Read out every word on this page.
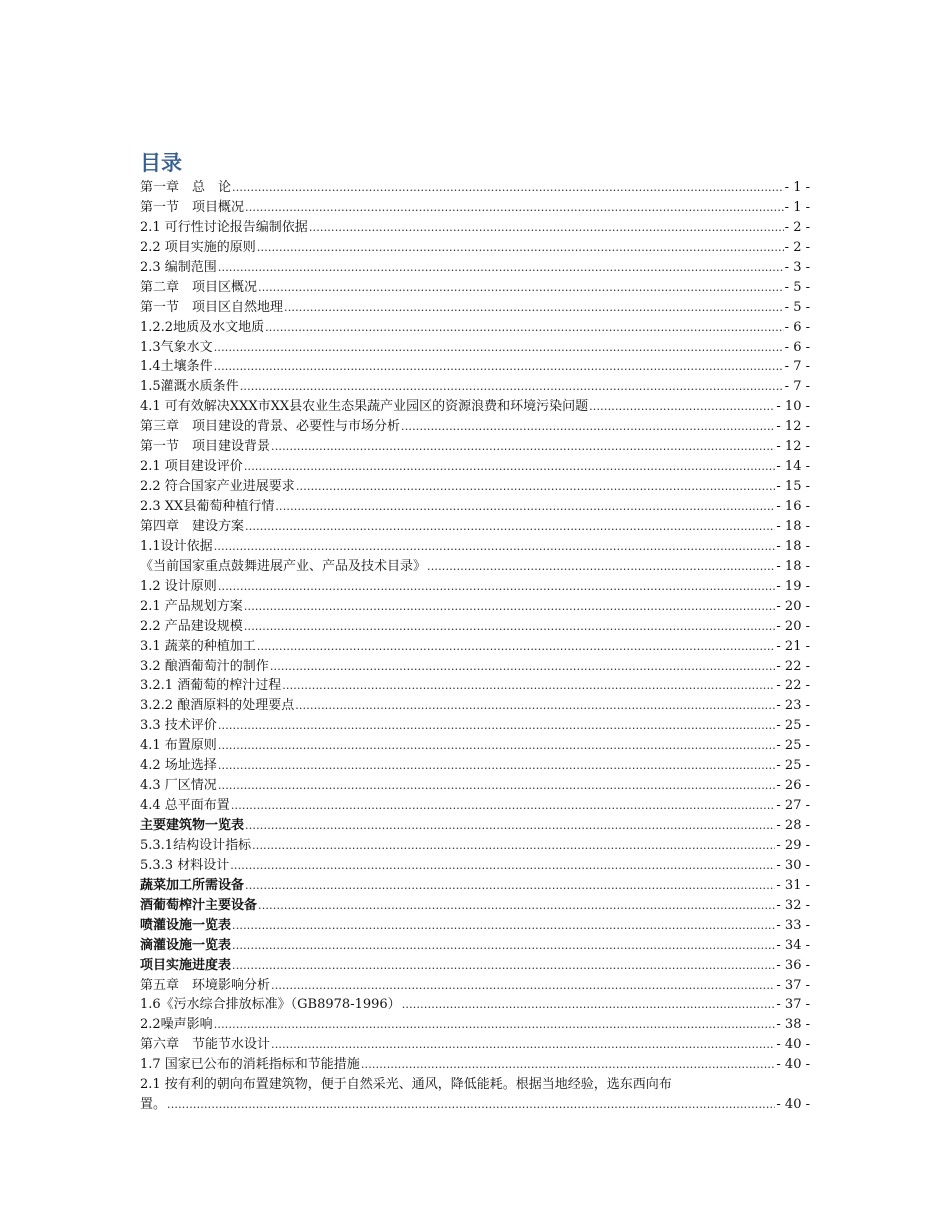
目录
第一章　总　论 .....	- 1 -
第一节　项目概况 .....	- 1 -
2.1 可行性讨论报告编制依据 .....	- 2 -
2.2 项目实施的原则 .....	- 2 -
2.3 编制范围 .....	- 3 -
第二章　项目区概况 .....	- 5 -
第一节　项目区自然地理 .....	- 5 -
1.2.2地质及水文地质 .....	- 6 -
1.3气象水文 .....	- 6 -
1.4土壤条件 .....	- 7 -
1.5灌溉水质条件 .....	- 7 -
4.1 可有效解决XXX市XX县农业生态果蔬产业园区的资源浪费和环境污染问题 .....	- 10 -
第三章　项目建设的背景、必要性与市场分析 .....	- 12 -
第一节　项目建设背景 .....	- 12 -
2.1 项目建设评价 .....	- 14 -
2.2 符合国家产业进展要求 .....	- 15 -
2.3 XX县葡萄种植行情 .....	- 16 -
第四章　建设方案 .....	- 18 -
1.1设计依据 .....	- 18 -
《当前国家重点鼓舞进展产业、产品及技术目录》 .....	- 18 -
1.2 设计原则 .....	- 19 -
2.1 产品规划方案 .....	- 20 -
2.2 产品建设规模 .....	- 20 -
3.1 蔬菜的种植加工 .....	- 21 -
3.2 酿酒葡萄汁的制作 .....	- 22 -
3.2.1 酒葡萄的榨汁过程 .....	- 22 -
3.2.2 酿酒原料的处理要点 .....	- 23 -
3.3 技术评价 .....	- 25 -
4.1 布置原则 .....	- 25 -
4.2 场址选择 .....	- 25 -
4.3 厂区情况 .....	- 26 -
4.4 总平面布置 .....	- 27 -
主要建筑物一览表 .....	- 28 -
5.3.1结构设计指标 .....	- 29 -
5.3.3 材料设计 .....	- 30 -
蔬菜加工所需设备 .....	- 31 -
酒葡萄榨汁主要设备 .....	- 32 -
喷灌设施一览表 .....	- 33 -
滴灌设施一览表 .....	- 34 -
项目实施进度表 .....	- 36 -
第五章　环境影响分析 .....	- 37 -
1.6《污水综合排放标准》（GB8978-1996） .....	- 37 -
2.2噪声影响 .....	- 38 -
第六章　节能节水设计 .....	- 40 -
1.7 国家已公布的消耗指标和节能措施 .....	- 40 -
2.1 按有利的朝向布置建筑物，便于自然采光、通风，降低能耗。根据当地经验，选东西向布
置。 .....	- 40 -
